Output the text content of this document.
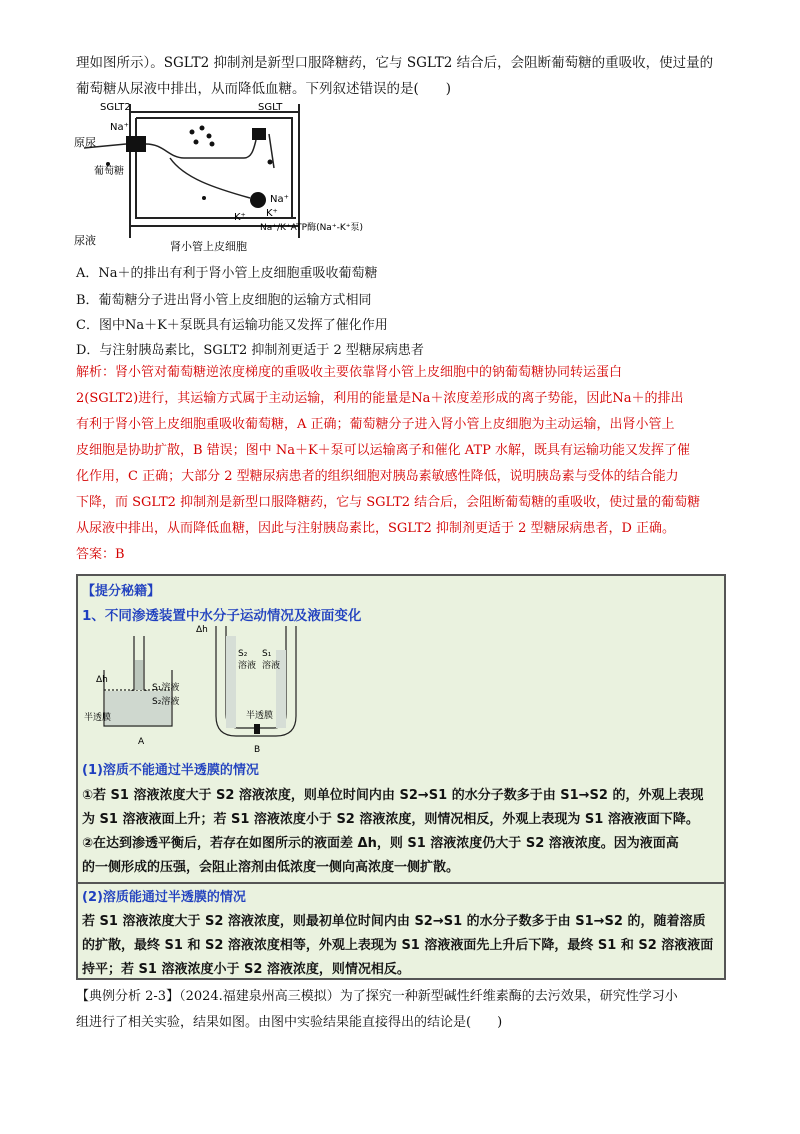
理如图所示）。SGLT2 抑制剂是新型口服降糖药，它与 SGLT2 结合后，会阻断葡萄糖的重吸收，使过量的
葡萄糖从尿液中排出，从而降低血糖。下列叙述错误的是(　　)
SGLT2	SGLT
Na⁺
原尿
葡萄糖
Na⁺
K⁺ K⁺
Na⁺/K⁺ATP酶(Na⁺-K⁺泵)
尿液	肾小管上皮细胞
A．Na＋的排出有利于肾小管上皮细胞重吸收葡萄糖
B．葡萄糖分子进出肾小管上皮细胞的运输方式相同
C．图中Na＋K＋泵既具有运输功能又发挥了催化作用
D．与注射胰岛素比，SGLT2 抑制剂更适于 2 型糖尿病患者
解析：肾小管对葡萄糖逆浓度梯度的重吸收主要依靠肾小管上皮细胞中的钠葡萄糖协同转运蛋白
2(SGLT2)进行，其运输方式属于主动运输，利用的能量是Na＋浓度差形成的离子势能，因此Na＋的排出
有利于肾小管上皮细胞重吸收葡萄糖，A 正确；葡萄糖分子进入肾小管上皮细胞为主动运输，出肾小管上
皮细胞是协助扩散，B 错误；图中 Na＋K＋泵可以运输离子和催化 ATP 水解，既具有运输功能又发挥了催
化作用，C 正确；大部分 2 型糖尿病患者的组织细胞对胰岛素敏感性降低，说明胰岛素与受体的结合能力
下降，而 SGLT2 抑制剂是新型口服降糖药，它与 SGLT2 结合后，会阻断葡萄糖的重吸收，使过量的葡萄糖
从尿液中排出，从而降低血糖，因此与注射胰岛素比，SGLT2 抑制剂更适于 2 型糖尿病患者，D 正确。
答案：B
【提分秘籍】
1、不同渗透装置中水分子运动情况及液面变化
Δh
S₁溶液
S₂溶液
半透膜
A
Δh
S₂
溶液
S₁
溶液
半透膜
B
(1)溶质不能通过半透膜的情况
①若 S1 溶液浓度大于 S2 溶液浓度，则单位时间内由 S2→S1 的水分子数多于由 S1→S2 的，外观上表现
为 S1 溶液液面上升；若 S1 溶液浓度小于 S2 溶液浓度，则情况相反，外观上表现为 S1 溶液液面下降。
②在达到渗透平衡后，若存在如图所示的液面差 Δh，则 S1 溶液浓度仍大于 S2 溶液浓度。因为液面高
的一侧形成的压强，会阻止溶剂由低浓度一侧向高浓度一侧扩散。
(2)溶质能通过半透膜的情况
若 S1 溶液浓度大于 S2 溶液浓度，则最初单位时间内由 S2→S1 的水分子数多于由 S1→S2 的，随着溶质
的扩散，最终 S1 和 S2 溶液浓度相等，外观上表现为 S1 溶液液面先上升后下降，最终 S1 和 S2 溶液液面
持平；若 S1 溶液浓度小于 S2 溶液浓度，则情况相反。
【典例分析 2-3】（2024.福建泉州高三模拟）为了探究一种新型碱性纤维素酶的去污效果，研究性学习小
组进行了相关实验，结果如图。由图中实验结果能直接得出的结论是(　　)
